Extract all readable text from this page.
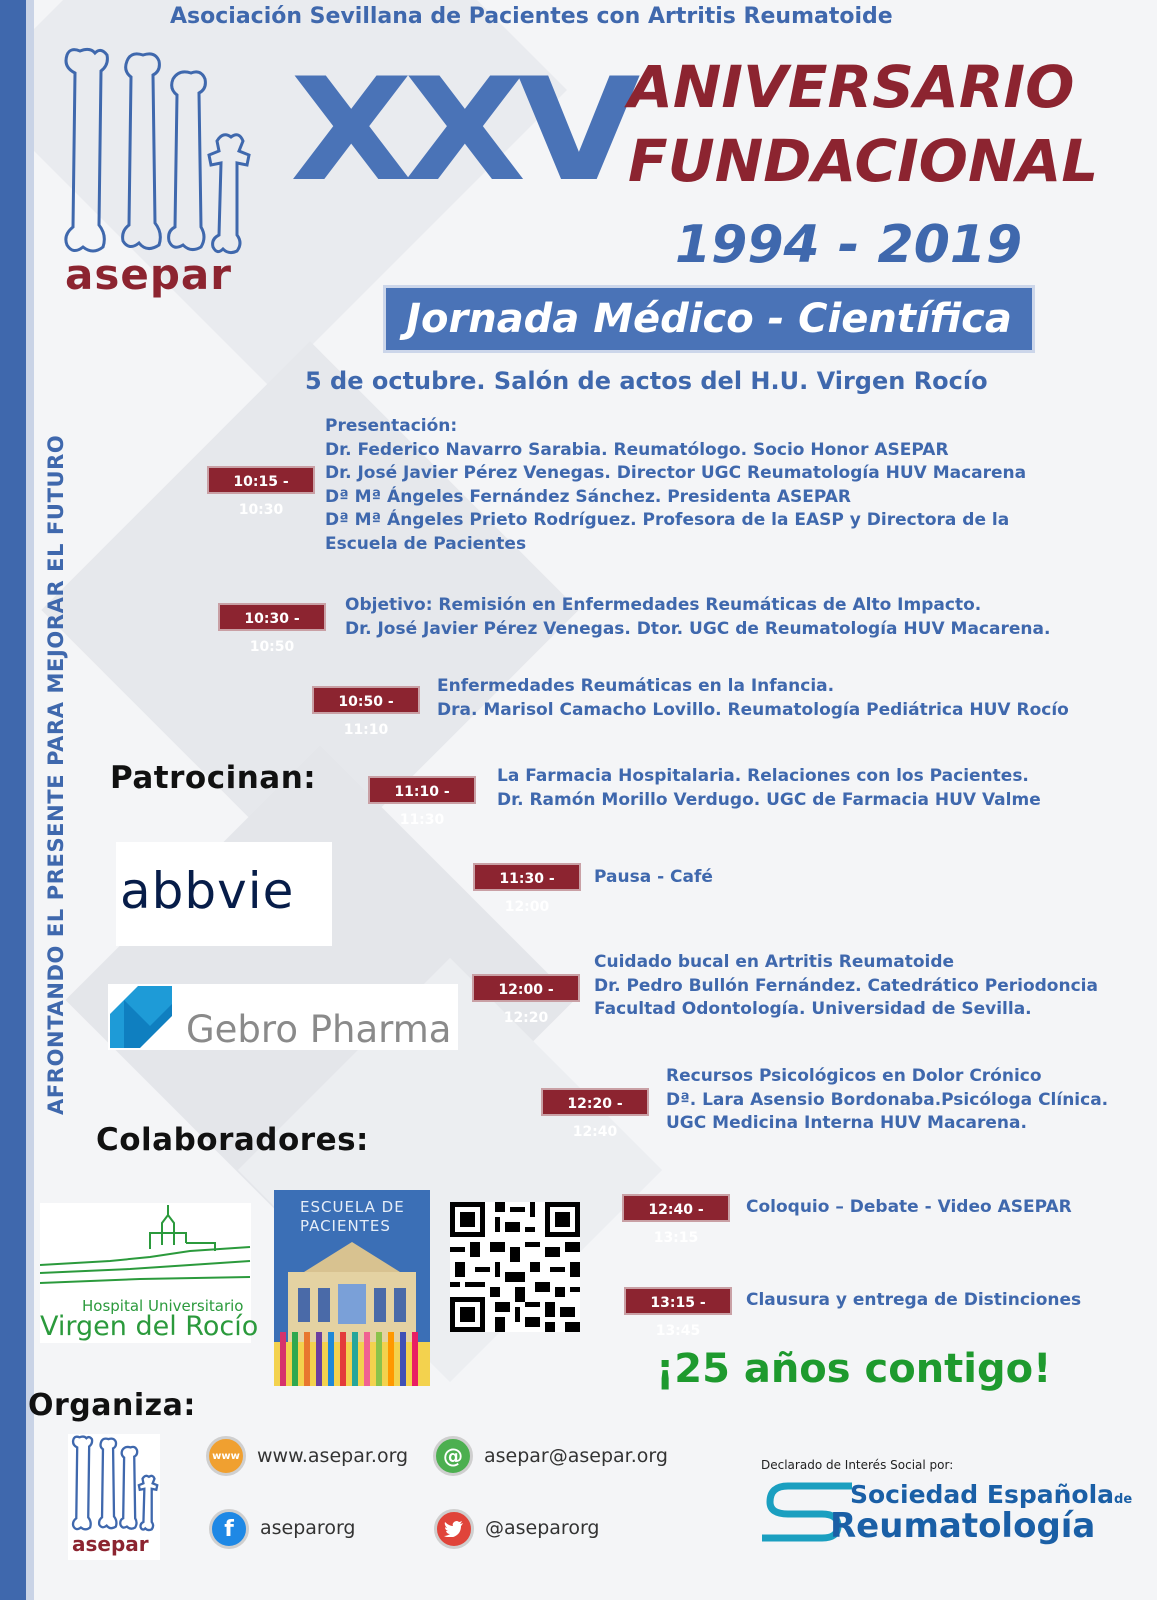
AFRONTANDO EL PRESENTE PARA MEJORAR EL FUTURO
Asociación Sevillana de Pacientes con Artritis Reumatoide
asepar
XXV
ANIVERSARIO
FUNDACIONAL
1994 - 2019
Jornada Médico - Científica
5 de octubre. Salón de actos del H.U. Virgen Rocío
10:15 - 10:30
Presentación:
Dr. Federico Navarro Sarabia. Reumatólogo. Socio Honor ASEPAR
Dr. José Javier Pérez Venegas. Director UGC Reumatología HUV Macarena
Dª Mª Ángeles Fernández Sánchez. Presidenta ASEPAR
Dª Mª Ángeles Prieto Rodríguez. Profesora de la EASP y Directora de la
Escuela de Pacientes
10:30 - 10:50
Objetivo: Remisión en Enfermedades Reumáticas de Alto Impacto.
Dr. José Javier Pérez Venegas. Dtor. UGC de Reumatología HUV Macarena.
10:50 - 11:10
Enfermedades Reumáticas en la Infancia.
Dra. Marisol Camacho Lovillo. Reumatología Pediátrica HUV Rocío
11:10 - 11:30
La Farmacia Hospitalaria. Relaciones con los Pacientes.
Dr. Ramón Morillo Verdugo. UGC de Farmacia HUV Valme
11:30 - 12:00
Pausa - Café
12:00 - 12:20
Cuidado bucal en Artritis Reumatoide
Dr. Pedro Bullón Fernández. Catedrático Periodoncia
Facultad Odontología. Universidad de Sevilla.
12:20 - 12:40
Recursos Psicológicos en Dolor Crónico
Dª. Lara Asensio Bordonaba.Psicóloga Clínica.
UGC Medicina Interna HUV Macarena.
12:40 - 13:15
Coloquio – Debate - Video ASEPAR
13:15 - 13:45
Clausura y entrega de Distinciones
Patrocinan:
abbvie
Gebro Pharma
Colaboradores:
Hospital Universitario
Virgen del Rocío
ESCUELA DE
PACIENTES
¡25 años contigo!
Organiza:
asepar
www www.asepar.org @ asepar@asepar.org
f aseparorg	@aseparorg
Declarado de Interés Social por:
Sociedad Españolade
Reumatología
